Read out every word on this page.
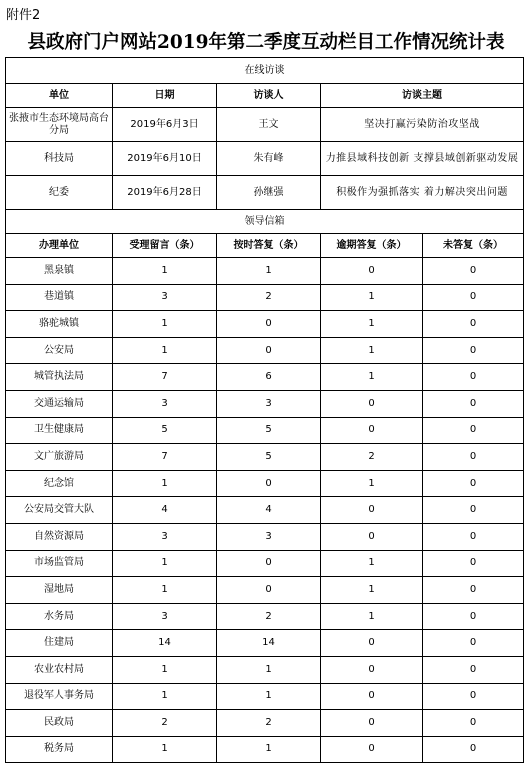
附件2
县政府门户网站2019年第二季度互动栏目工作情况统计表
在线访谈				
单位	日期	访谈人	访谈主题	
张掖市生态环境局高台分局	2019年6月3日	王文	坚决打赢污染防治攻坚战	
科技局	2019年6月10日	朱有峰	力推县域科技创新 支撑县域创新驱动发展	
纪委	2019年6月28日	孙继强	积极作为强抓落实 着力解决突出问题	
领导信箱				
办理单位	受理留言（条）	按时答复（条）	逾期答复（条）	未答复（条）
黑泉镇	1	1	0	0
巷道镇	3	2	1	0
骆驼城镇	1	0	1	0
公安局	1	0	1	0
城管执法局	7	6	1	0
交通运输局	3	3	0	0
卫生健康局	5	5	0	0
文广旅游局	7	5	2	0
纪念馆	1	0	1	0
公安局交管大队	4	4	0	0
自然资源局	3	3	0	0
市场监管局	1	0	1	0
湿地局	1	0	1	0
水务局	3	2	1	0
住建局	14	14	0	0
农业农村局	1	1	0	0
退役军人事务局	1	1	0	0
民政局	2	2	0	0
税务局	1	1	0	0
